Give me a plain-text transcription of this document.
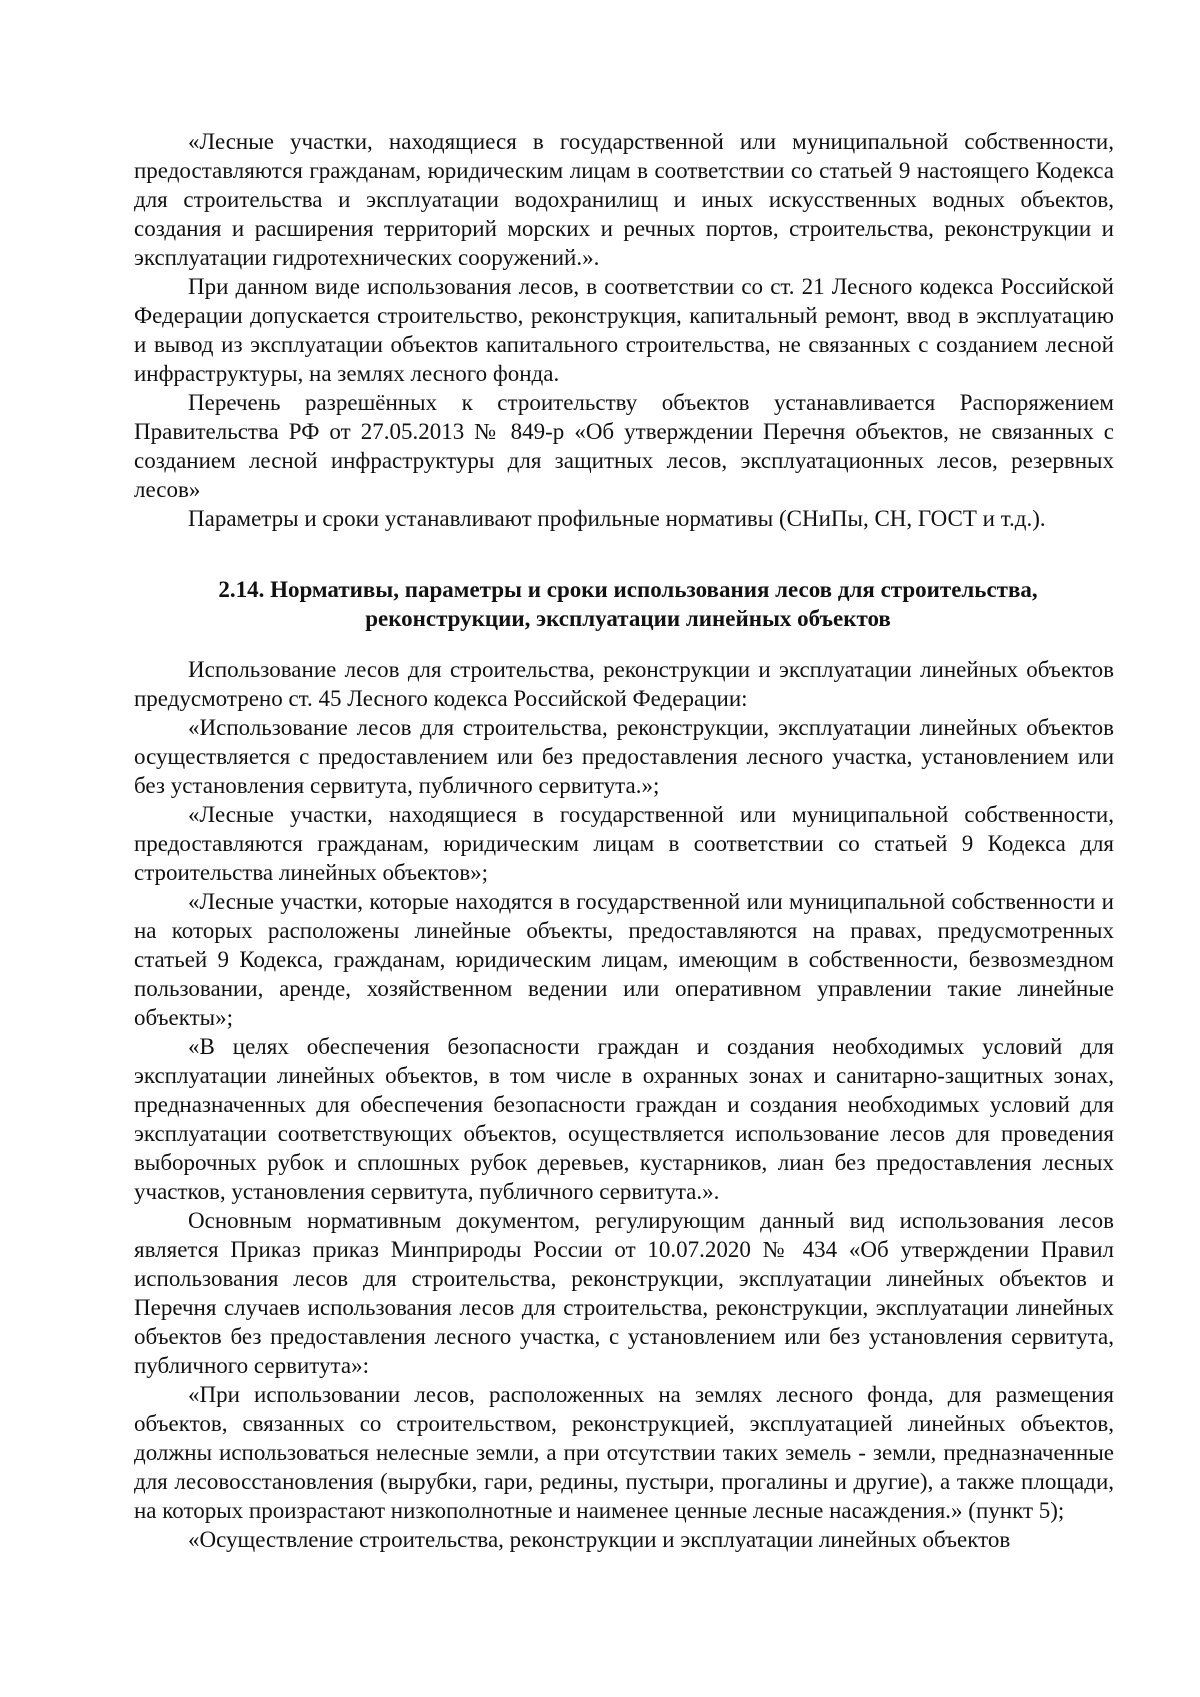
«Лесные участки, находящиеся в государственной или муниципальной собственности, предоставляются гражданам, юридическим лицам в соответствии со статьей 9 настоящего Кодекса для строительства и эксплуатации водохранилищ и иных искусственных водных объектов, создания и расширения территорий морских и речных портов, строительства, реконструкции и эксплуатации гидротехнических сооружений.».

При данном виде использования лесов, в соответствии со ст. 21 Лесного кодекса Российской Федерации допускается строительство, реконструкция, капитальный ремонт, ввод в эксплуатацию и вывод из эксплуатации объектов капитального строительства, не связанных с созданием лесной инфраструктуры, на землях лесного фонда.

Перечень разрешённых к строительству объектов устанавливается Распоряжением Правительства РФ от 27.05.2013 № 849-р «Об утверждении Перечня объектов, не связанных с созданием лесной инфраструктуры для защитных лесов, эксплуатационных лесов, резервных лесов»

Параметры и сроки устанавливают профильные нормативы (СНиПы, СН, ГОСТ и т.д.).

2.14. Нормативы, параметры и сроки использования лесов для строительства, реконструкции, эксплуатации линейных объектов

Использование лесов для строительства, реконструкции и эксплуатации линейных объектов предусмотрено ст. 45 Лесного кодекса Российской Федерации:

«Использование лесов для строительства, реконструкции, эксплуатации линейных объектов осуществляется с предоставлением или без предоставления лесного участка, установлением или без установления сервитута, публичного сервитута.»;

«Лесные участки, находящиеся в государственной или муниципальной собственности, предоставляются гражданам, юридическим лицам в соответствии со статьей 9 Кодекса для строительства линейных объектов»;

«Лесные участки, которые находятся в государственной или муниципальной собственности и на которых расположены линейные объекты, предоставляются на правах, предусмотренных статьей 9 Кодекса, гражданам, юридическим лицам, имеющим в собственности, безвозмездном пользовании, аренде, хозяйственном ведении или оперативном управлении такие линейные объекты»;

«В целях обеспечения безопасности граждан и создания необходимых условий для эксплуатации линейных объектов, в том числе в охранных зонах и санитарно-защитных зонах, предназначенных для обеспечения безопасности граждан и создания необходимых условий для эксплуатации соответствующих объектов, осуществляется использование лесов для проведения выборочных рубок и сплошных рубок деревьев, кустарников, лиан без предоставления лесных участков, установления сервитута, публичного сервитута.».

Основным нормативным документом, регулирующим данный вид использования лесов является Приказ приказ Минприроды России от 10.07.2020 № 434 «Об утверждении Правил использования лесов для строительства, реконструкции, эксплуатации линейных объектов и Перечня случаев использования лесов для строительства, реконструкции, эксплуатации линейных объектов без предоставления лесного участка, с установлением или без установления сервитута, публичного сервитута»:

«При использовании лесов, расположенных на землях лесного фонда, для размещения объектов, связанных со строительством, реконструкцией, эксплуатацией линейных объектов, должны использоваться нелесные земли, а при отсутствии таких земель - земли, предназначенные для лесовосстановления (вырубки, гари, редины, пустыри, прогалины и другие), а также площади, на которых произрастают низкополнотные и наименее ценные лесные насаждения.» (пункт 5);

«Осуществление строительства, реконструкции и эксплуатации линейных объектов
